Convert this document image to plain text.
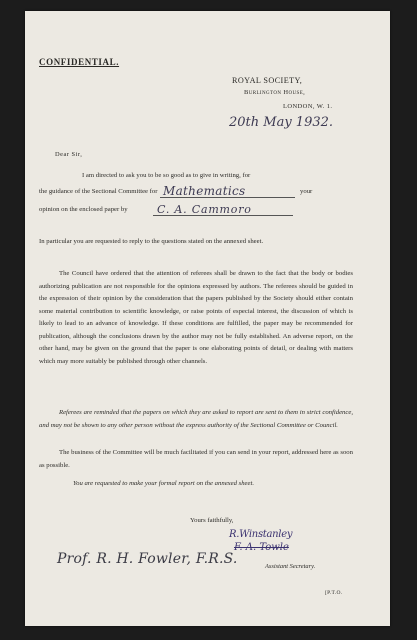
CONFIDENTIAL.
ROYAL SOCIETY,
Burlington House,
LONDON, W. 1.
20th May 1932.
Dear Sir,
I am directed to ask you to be so good as to give in writing, for
the guidance of the Sectional Committee for Mathematics	your
opinion on the enclosed paper by	C. A. Cammoro
In particular you are requested to reply to the questions stated on the annexed sheet.
The Council have ordered that the attention of referees shall be drawn to the fact that the body or bodies authorizing publication are not responsible for the opinions expressed by authors. The referees should be guided in the expression of their opinion by the consideration that the papers published by the Society should either contain some material contribution to scientific knowledge, or raise points of especial interest, the discussion of which is likely to lead to an advance of knowledge. If these conditions are fulfilled, the paper may be recommended for publication, although the conclusions drawn by the author may not be fully established. An adverse report, on the other hand, may be given on the ground that the paper is one elaborating points of detail, or dealing with matters which may more suitably be published through other channels.
Referees are reminded that the papers on which they are asked to report are sent to them in strict confidence, and may not be shown to any other person without the express authority of the Sectional Committee or Council.
The business of the Committee will be much facilitated if you can send in your report, addressed here as soon as possible.
You are requested to make your formal report on the annexed sheet.
Yours faithfully,
R.Winstanley
F. A. Towle
Assistant Secretary.
Prof. R. H. Fowler, F.R.S.
[P.T.O.
